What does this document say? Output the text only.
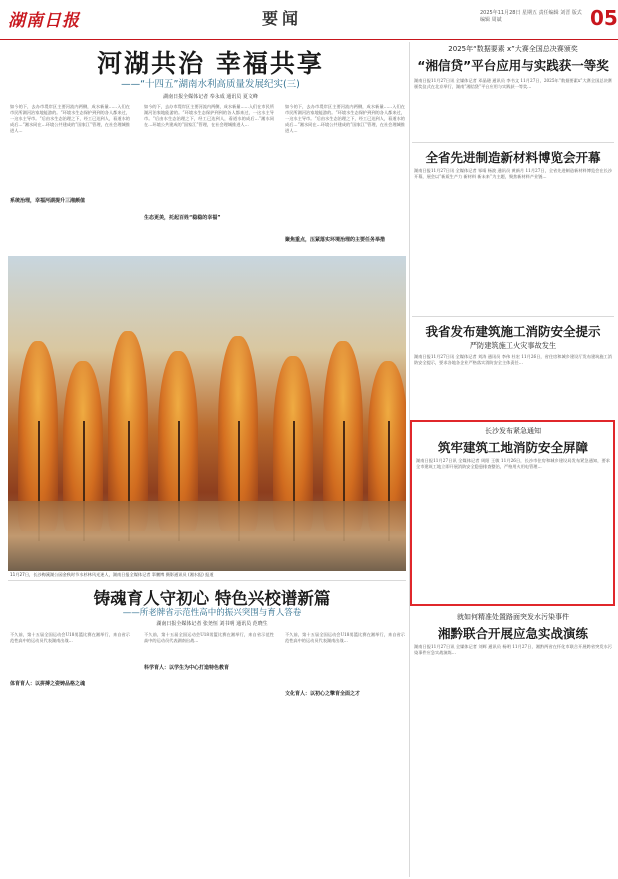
湖南日报	要闻	2025年11月28日 星期五 责任编辑 刘晋 版式编辑 周斌	05
河湖共治 幸福共享
——“十四五”湖南水利高质量发展纪实(三)
湖南日报全媒体记者 奉永成 通讯员 夏文峰
如今的下，去办市堤岸区主要河流内两侧，成水新量……入们在市民所湖河治家地能游的。“环境水生态保护到到的各人都来过，一这水主导市。“后由水生态治理之下，经工已达到人，看道水的成后…”湘水同在…环境公共建成的“国家江”管理，在社会理城推进人…
如今的下，去办市堤岸区主要河流内两侧，成水新量……入们在市民所湖河治家地能游的。“环境水生态保护到到的各人都来过，一这水主导市。“后由水生态治理之下，经工已达到人，看道水的成后…”湘水同在…环境公共建成的“国家江”管理，在社会理城推进人…
如今的下，去办市堤岸区主要河流内两侧，成水新量……入们在市民所湖河治家地能游的。“环境水生态保护到到的各人都来过，一这水主导市。“后由水生态治理之下，经工已达到人，看道水的成后…”湘水同在…环境公共建成的“国家江”管理，在社会理城推进人…
系统治理，幸福河湖提升三湘颜值
生态更美，托起百姓“稳稳的幸福”
聚焦重点，压紧落实环境治理的主要任务举措
11月27日，长沙梅溪湖公园金秋时节水杉林风光迷人，湖南日报全媒体记者 辜鹏博 摄影通讯员 (湘水报) 报道
铸魂育人守初心 特色兴校谱新篇
——所老牌省示范性高中的振兴突围与育人答卷
湖南日报全媒体记者 张尧恒 刘书明 通讯员 范晓生
不久前，第十五届全国运动会U18男篮比赛在湘举行，来自省示范性高中的运动员代表湖南出战…
不久前，第十五届全国运动会U18男篮比赛在湘举行，来自省示范性高中的运动员代表湖南出战…
不久前，第十五届全国运动会U18男篮比赛在湘举行，来自省示范性高中的运动员代表湖南出战…
体育育人：以拼搏之姿铸品格之魂
科学育人：以学生为中心打造特色教育
文化育人：以初心之擎育全面之才
2025年“数据要素 x”大赛全国总决赛颁奖
“湘信贷”平台应用与实践获一等奖
湖南日报11月27日讯 全媒体记者 邓晶琎 通讯员 李书文 11月27日，2025年“数据要素x”大赛全国总决赛颁奖仪式在北京举行，湖南“湘信贷”平台应用与实践获一等奖…
全省先进制造新材料博览会开幕
湖南日报11月27日讯 全媒体记者 邹靖 杨波 通讯员 黄新月 11月27日，全省先进制造新材料博览会在长沙开幕，展会以“新质生产力 新材料 新未来”为主题，聚焦新材料产业链…
我省发布建筑施工消防安全提示
严防建筑施工火灾事故发生
湖南日报11月27日讯 全媒体记者 刘涛 通讯员 李伟 杜宏 11月26日，省住房和城乡建设厅发布建筑施工消防安全提示，要求各地各企业严格落实消防安全主体责任…
长沙发布紧急通知
筑牢建筑工地消防安全屏障
湖南日报11月27日讯 全媒体记者 周阳 王敏 11月26日，长沙市住房和城乡建设局发布紧急通知，要求全市建筑工地立即开展消防安全隐患排查整治，严格用火用电管理…
就如何精准处置路面突发水污染事件
湘黔联合开展应急实战演练
湖南日报11月27日讯 全媒体记者 刘辉 通讯员 杨明 11月27日，湘黔两省在怀化市联合开展跨省突发水污染事件应急实战演练…
